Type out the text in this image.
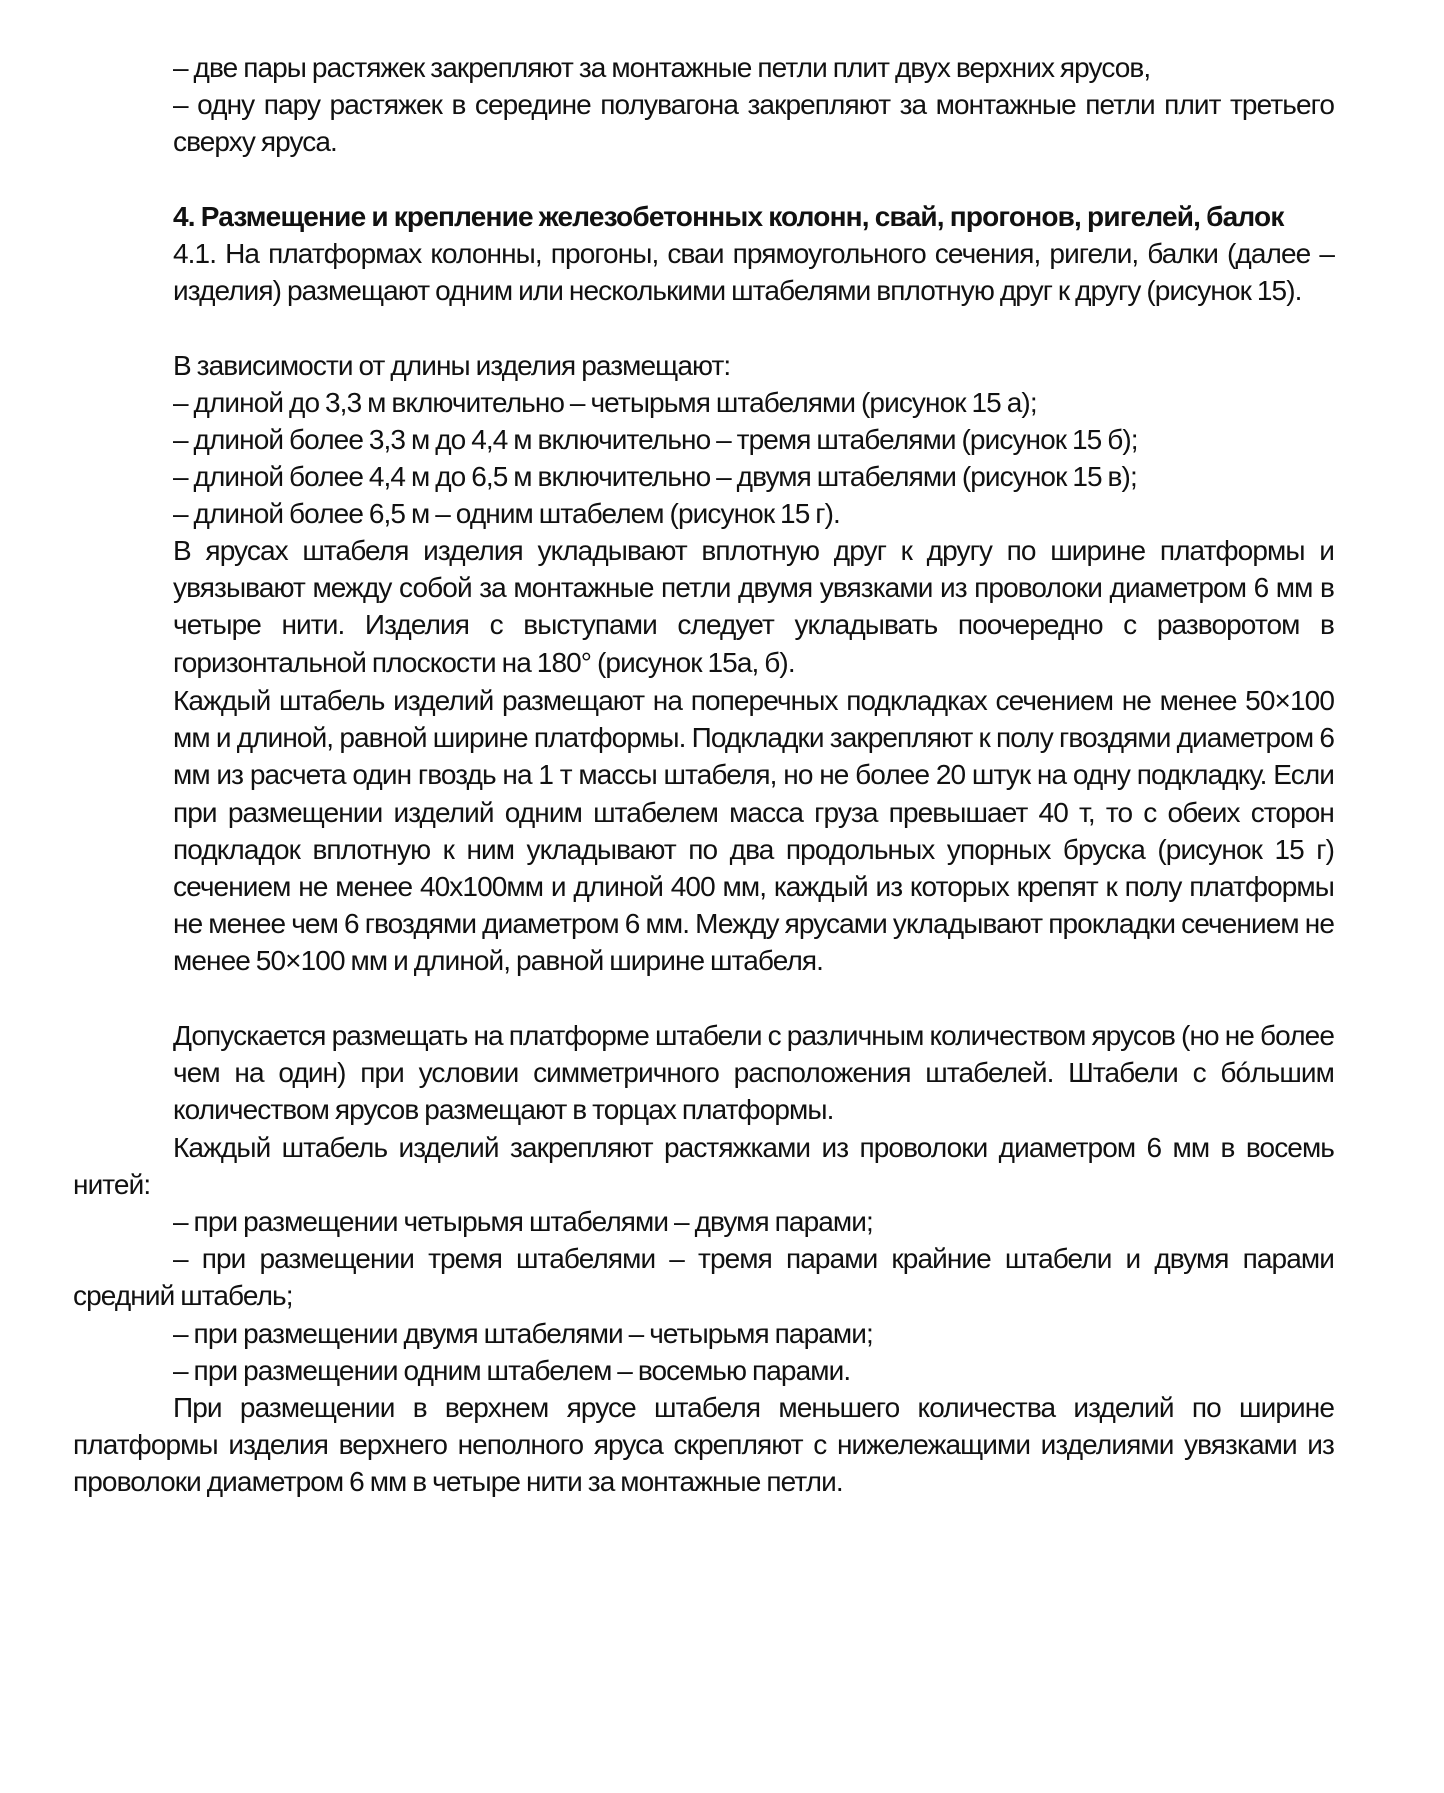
– две пары растяжек закрепляют за монтажные петли плит двух верхних ярусов,

– одну пару растяжек в середине полувагона закрепляют за монтажные петли плит третьего сверху яруса.

4. Размещение и крепление железобетонных колонн, свай, прогонов, ригелей, балок

4.1. На платформах колонны, прогоны, сваи прямоугольного сечения, ригели, балки (далее – изделия) размещают одним или несколькими штабелями вплотную друг к другу (рисунок 15).

В зависимости от длины изделия размещают:

– длиной до 3,3 м включительно – четырьмя штабелями (рисунок 15 а);

– длиной более 3,3 м до 4,4 м включительно – тремя штабелями (рисунок 15 б);

– длиной более 4,4 м до 6,5 м включительно – двумя штабелями (рисунок 15 в);

– длиной более 6,5 м – одним штабелем (рисунок 15 г).

В ярусах штабеля изделия укладывают вплотную друг к другу по ширине платформы и увязывают между собой за монтажные петли двумя увязками из проволоки диаметром 6 мм в четыре нити. Изделия с выступами следует укладывать поочередно с разворотом в горизонтальной плоскости на 180° (рисунок 15а, б).

Каждый штабель изделий размещают на поперечных подкладках сечением не менее 50×100 мм и длиной, равной ширине платформы. Подкладки закрепляют к полу гвоздями диаметром 6 мм из расчета один гвоздь на 1 т массы штабеля, но не более 20 штук на одну подкладку. Если при размещении изделий одним штабелем масса груза превышает 40 т, то с обеих сторон подкладок вплотную к ним укладывают по два продольных упорных бруска (рисунок 15 г) сечением не менее 40х100мм и длиной 400 мм, каждый из которых крепят к полу платформы не менее чем 6 гвоздями диаметром 6 мм. Между ярусами укладывают прокладки сечением не менее 50×100 мм и длиной, равной ширине штабеля.

Допускается размещать на платформе штабели с различным количеством ярусов (но не более чем на один) при условии симметричного расположения штабелей. Штабели с бóльшим количеством ярусов размещают в торцах платформы.

Каждый штабель изделий закрепляют растяжками из проволоки диаметром 6 мм в восемь нитей:

– при размещении четырьмя штабелями – двумя парами;

– при размещении тремя штабелями – тремя парами крайние штабели и двумя парами средний штабель;

– при размещении двумя штабелями – четырьмя парами;

– при размещении одним штабелем – восемью парами.

При размещении в верхнем ярусе штабеля меньшего количества изделий по ширине платформы изделия верхнего неполного яруса скрепляют с нижележащими изделиями увязками из проволоки диаметром 6 мм в четыре нити за монтажные петли.
